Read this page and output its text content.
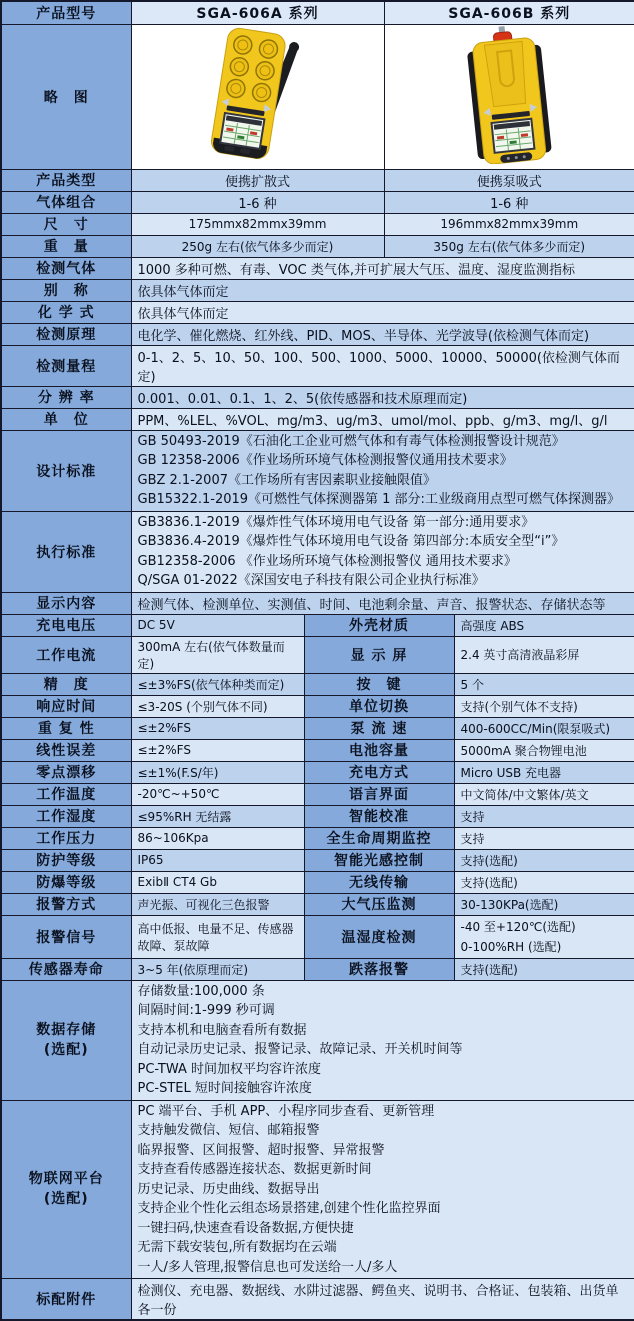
产品型号	SGA-606A 系列		SGA-606B 系列	
略　图		
产品类型	便携扩散式		便携泵吸式	
气体组合	1-6 种		1-6 种	
尺　寸	175mmx82mmx39mm		196mmx82mmx39mm	
重　量	250g 左右(依气体多少而定)		350g 左右(依气体多少而定)	
检测气体	1000 多种可燃、有毒、VOC 类气体,并可扩展大气压、温度、湿度监测指标			
别　称	依具体气体而定			
化 学 式	依具体气体而定			
检测原理	电化学、催化燃烧、红外线、PID、MOS、半导体、光学波导(依检测气体而定)			
检测量程	0-1、2、5、10、50、100、500、1000、5000、10000、50000(依检测气体而定)			
分 辨 率	0.001、0.01、0.1、1、2、5(依传感器和技术原理而定)			
单　位	PPM、%LEL、%VOL、mg/m3、ug/m3、umol/mol、ppb、g/m3、mg/l、g/l			
设计标准	GB 50493-2019《石油化工企业可燃气体和有毒气体检测报警设计规范》
GB 12358-2006《作业场所环境气体检测报警仪通用技术要求》
GBZ 2.1-2007《工作场所有害因素职业接触限值》
GB15322.1-2019《可燃性气体探测器第 1 部分:工业级商用点型可燃气体探测器》			

执行标准	GB3836.1-2019《爆炸性气体环境用电气设备 第一部分:通用要求》
GB3836.4-2019《爆炸性气体环境用电气设备 第四部分:本质安全型“i”》
GB12358-2006 《作业场所环境气体检测报警仪 通用技术要求》
Q/SGA 01-2022《深国安电子科技有限公司企业执行标准》			

显示内容	检测气体、检测单位、实测值、时间、电池剩余量、声音、报警状态、存储状态等			
充电电压	DC 5V	外壳材质		高强度 ABS
工作电流	300mA 左右(依气体数量而定)	显 示 屏		2.4 英寸高清液晶彩屏
精　度	≤±3%FS(依气体种类而定)	按　键		5 个
响应时间	≤3-20S (个别气体不同)	单位切换		支持(个别气体不支持)
重 复 性	≤±2%FS	泵 流 速		400-600CC/Min(限泵吸式)
线性误差	≤±2%FS	电池容量		5000mA 聚合物锂电池
零点漂移	≤±1%(F.S/年)	充电方式		Micro USB 充电器
工作温度	-20℃~+50℃	语言界面		中文简体/中文繁体/英文
工作湿度	≤95%RH 无结露	智能校准		支持
工作压力	86~106Kpa	全生命周期监控		支持
防护等级	IP65	智能光感控制		支持(选配)
防爆等级	ExibⅡ CT4 Gb	无线传输		支持(选配)
报警方式	声光振、可视化三色报警	大气压监测		30-130KPa(选配)
报警信号	高中低报、电量不足、传感器故障、泵故障	温湿度检测		-40 至+120℃(选配)
0-100%RH (选配)

传感器寿命	3~5 年(依原理而定)	跌落报警		支持(选配)

数据存储
(选配)

存储数量:100,000 条
间隔时间:1-999 秒可调
支持本机和电脑查看所有数据
自动记录历史记录、报警记录、故障记录、开关机时间等
PC-TWA 时间加权平均容许浓度
PC-STEL 短时间接触容许浓度

物联网平台
(选配)

PC 端平台、手机 APP、小程序同步查看、更新管理
支持触发微信、短信、邮箱报警
临界报警、区间报警、超时报警、异常报警
支持查看传感器连接状态、数据更新时间
历史记录、历史曲线、数据导出
支持企业个性化云组态场景搭建,创建个性化监控界面
一键扫码,快速查看设备数据,方便快捷
无需下载安装包,所有数据均在云端
一人/多人管理,报警信息也可发送给一人/多人

标配附件	检测仪、充电器、数据线、水阱过滤器、鳄鱼夹、说明书、合格证、包装箱、出货单各一份			
